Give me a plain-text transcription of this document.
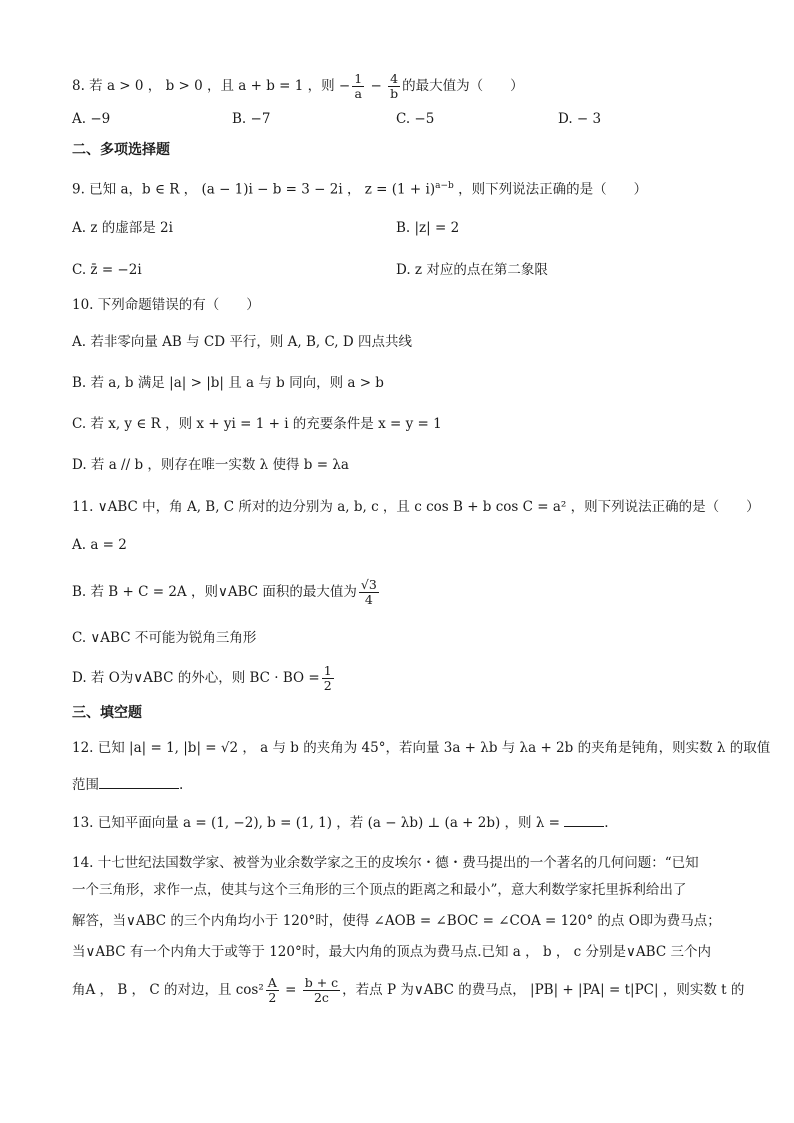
8. 若 a > 0 ， b > 0 ，且 a + b = 1 ，则 − $\frac{1}{a} - \frac{4}{b}$ 的最大值为（　　）
A. −9	B. −7	C. −5	D. − 3
二、多项选择题
9. 已知 a，b ∈ R ， (a − 1)i − b = 3 − 2i ， $z = (1 + i)^{a-b}$ ，则下列说法正确的是（　　）
A. z 的虚部是 2i	B. |z| = 2
C. z̄ = −2i	D. z 对应的点在第二象限
10. 下列命题错误的有（　　）
A. 若非零向量 AB 与 CD 平行，则 A, B, C, D 四点共线
B. 若 a, b 满足 |a| > |b| 且 a 与 b 同向，则 a > b
C. 若 x, y ∈ R ，则 x + yi = 1 + i 的充要条件是 x = y = 1
D. 若 a // b ，则存在唯一实数 λ 使得 b = λa
11. ∨ABC 中，角 A, B, C 所对的边分别为 a, b, c ，且 c cos B + b cos C = a² ，则下列说法正确的是（　　）
A. a = 2
B. 若 B + C = 2A ，则∨ABC 面积的最大值为 $\frac{√3}{4}$
C. ∨ABC 不可能为锐角三角形
D. 若 O为∨ABC 的外心，则 BC · BO = $\frac{1}{2}$
三、填空题
12. 已知 |a| = 1, |b| = √2 ， a 与 b 的夹角为 45°，若向量 3a + λb 与 λa + 2b 的夹角是钝角，则实数 λ 的取值
范围	.
13. 已知平面向量 a = (1, −2), b = (1, 1) ，若 (a − λb) ⊥ (a + 2b) ，则 λ =	.
14. 十七世纪法国数学家、被誉为业余数学家之王的皮埃尔・德・费马提出的一个著名的几何问题：“已知
一个三角形，求作一点，使其与这个三角形的三个顶点的距离之和最小”，意大利数学家托里拆利给出了
解答，当∨ABC 的三个内角均小于 120°时，使得 ∠AOB = ∠BOC = ∠COA = 120° 的点 O即为费马点；
当∨ABC 有一个内角大于或等于 120°时，最大内角的顶点为费马点.已知 a ， b ， c 分别是∨ABC 三个内
角A ， B ， C 的对边，且 $\cos^2 \frac{A}{2} = \frac{b + c}{2c}$ ，若点 P 为∨ABC 的费马点， |PB| + |PA| = t|PC| ，则实数 t 的
